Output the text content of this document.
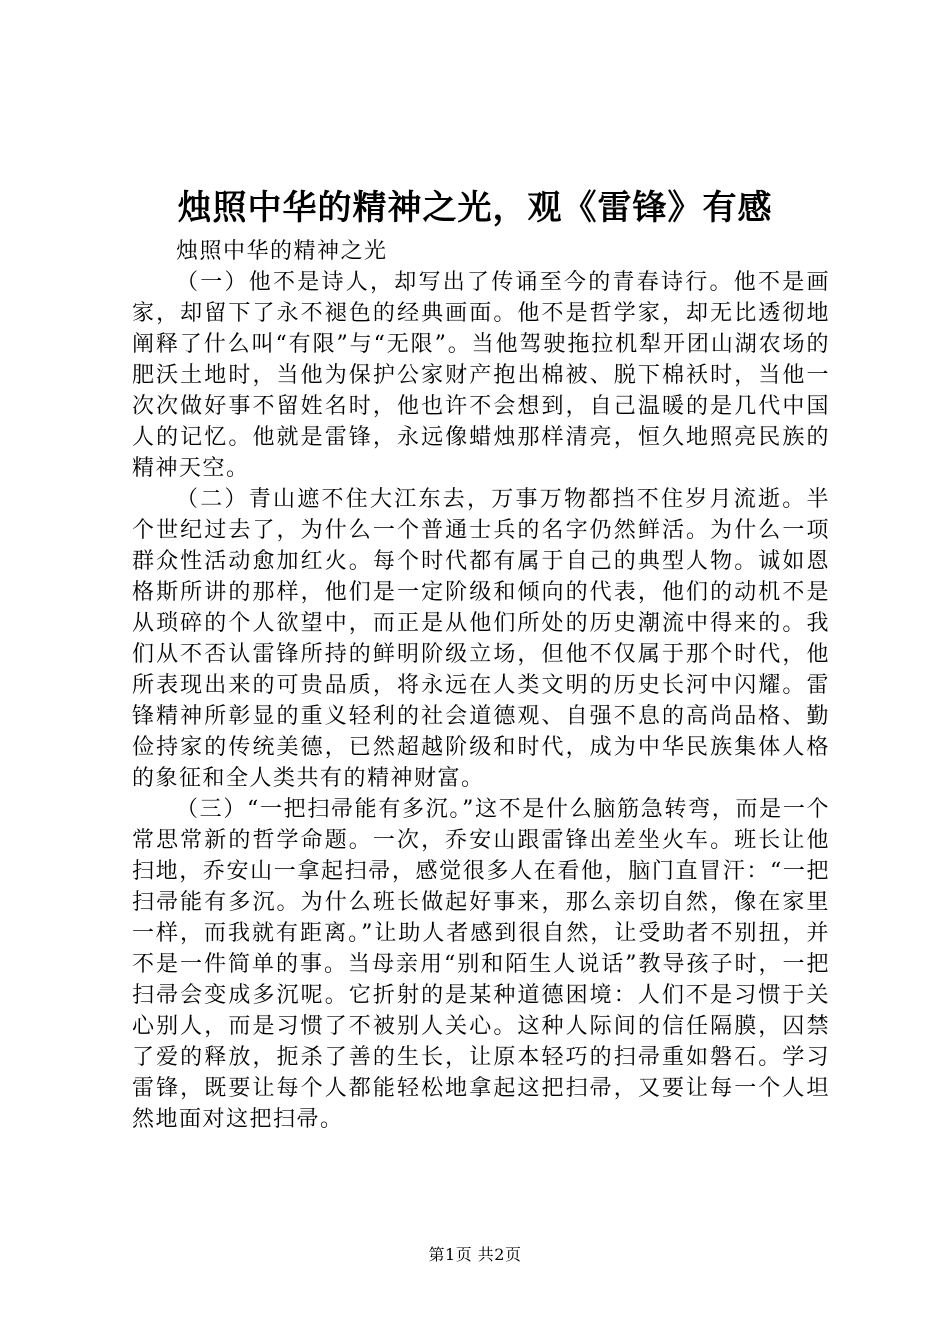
烛照中华的精神之光，观《雷锋》有感

烛照中华的精神之光

（一）他不是诗人，却写出了传诵至今的青春诗行。他不是画家，却留下了永不褪色的经典画面。他不是哲学家，却无比透彻地阐释了什么叫“有限”与“无限”。当他驾驶拖拉机犁开团山湖农场的肥沃土地时，当他为保护公家财产抱出棉被、脱下棉袄时，当他一次次做好事不留姓名时，他也许不会想到，自己温暖的是几代中国人的记忆。他就是雷锋，永远像蜡烛那样清亮，恒久地照亮民族的精神天空。

（二）青山遮不住大江东去，万事万物都挡不住岁月流逝。半个世纪过去了，为什么一个普通士兵的名字仍然鲜活。为什么一项群众性活动愈加红火。每个时代都有属于自己的典型人物。诚如恩格斯所讲的那样，他们是一定阶级和倾向的代表，他们的动机不是从琐碎的个人欲望中，而正是从他们所处的历史潮流中得来的。我们从不否认雷锋所持的鲜明阶级立场，但他不仅属于那个时代，他所表现出来的可贵品质，将永远在人类文明的历史长河中闪耀。雷锋精神所彰显的重义轻利的社会道德观、自强不息的高尚品格、勤俭持家的传统美德，已然超越阶级和时代，成为中华民族集体人格的象征和全人类共有的精神财富。

（三）“一把扫帚能有多沉。”这不是什么脑筋急转弯，而是一个常思常新的哲学命题。一次，乔安山跟雷锋出差坐火车。班长让他扫地，乔安山一拿起扫帚，感觉很多人在看他，脑门直冒汗：“一把扫帚能有多沉。为什么班长做起好事来，那么亲切自然，像在家里一样，而我就有距离。”让助人者感到很自然，让受助者不别扭，并不是一件简单的事。当母亲用“别和陌生人说话”教导孩子时，一把扫帚会变成多沉呢。它折射的是某种道德困境：人们不是习惯于关心别人，而是习惯了不被别人关心。这种人际间的信任隔膜，囚禁了爱的释放，扼杀了善的生长，让原本轻巧的扫帚重如磐石。学习雷锋，既要让每个人都能轻松地拿起这把扫帚，又要让每一个人坦然地面对这把扫帚。

第1页 共2页
